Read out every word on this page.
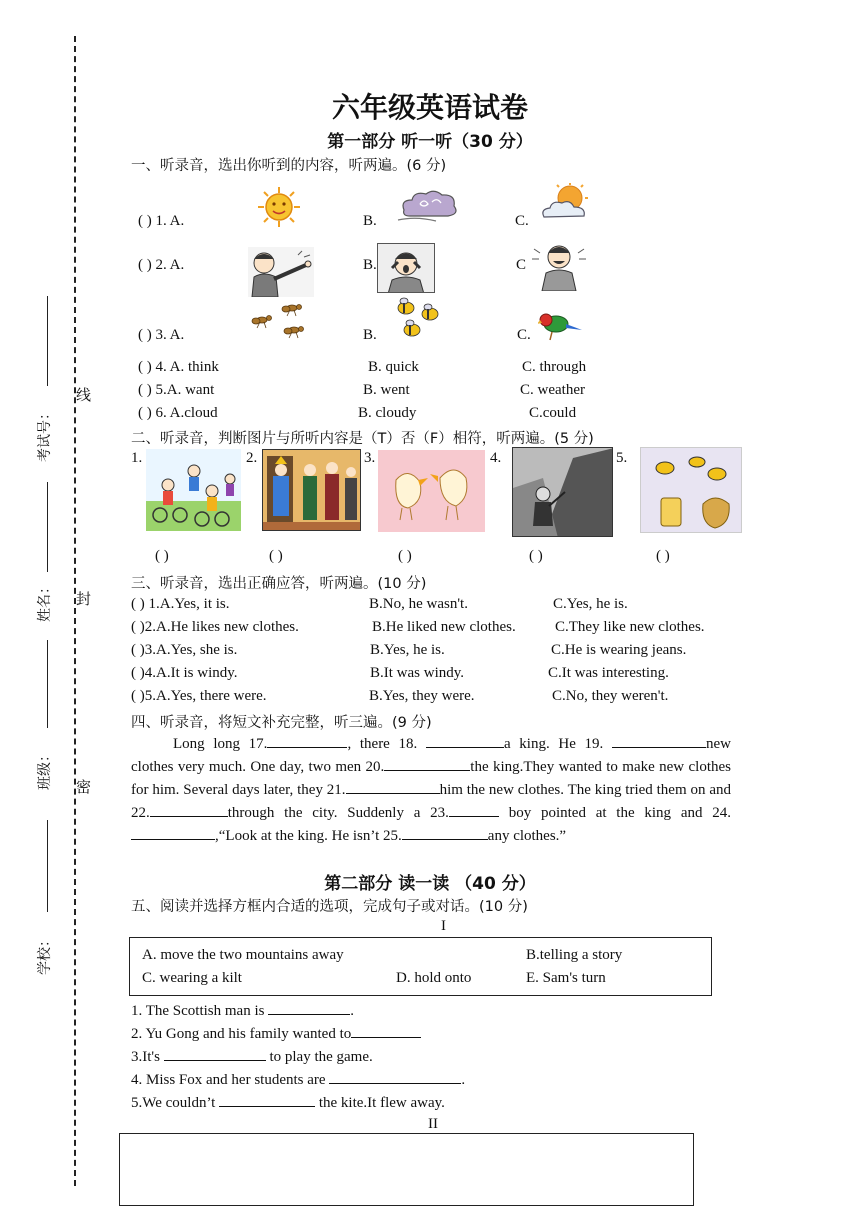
考试号：
姓名：
班级：
学校：
线
封
密
六年级英语试卷
第一部分 听一听（30 分）
一、听录音，选出你听到的内容，听两遍。(6 分)
( ) 1. A.	B.	C.
( ) 2. A.	B.	C
( ) 3. A.	B.	C.
( ) 4. A. think	B. quick	C. through
( ) 5.A. want	B. went	C. weather
( ) 6. A.cloud	B. cloudy	C.could
二、听录音，判断图片与所听内容是（T）否（F）相符，听两遍。(5 分)
1.	2.	3.	4.	5.
( )	( )	( )	( )	( )
三、听录音，选出正确应答，听两遍。(10 分)
( ) 1.A.Yes, it is.	B.No, he wasn't.	C.Yes, he is.
( )2.A.He likes new clothes.	B.He liked new clothes.	C.They like new clothes.
( )3.A.Yes, she is.	B.Yes, he is.	C.He is wearing jeans.
( )4.A.It is windy.	B.It was windy.	C.It was interesting.
( )5.A.Yes, there were.	B.Yes, they were.	C.No, they weren't.
四、听录音，将短文补充完整，听三遍。(9 分)

Long long 17.	, there 18.	a king. He 19.	new clothes very much. One day, two men 20.	the king.They wanted to make new clothes for him. Several days later, they 21.	him the new clothes. The king tried them on and 22.	through the city. Suddenly a 23.	boy pointed at the king and 24.,“Look at the king. He isn’t 25.	any clothes.”

第二部分 读一读 （40 分）
五、阅读并选择方框内合适的选项，完成句子或对话。(10 分)
I
A. move the two mountains away	B.telling a story
C. wearing a kilt	D. hold onto	E. Sam's turn
1. The Scottish man is	.
2. Yu Gong and his family wanted to
3.It's	to play the game.
4. Miss Fox and her students are	.
5.We couldn’t	the kite.It flew away.
II
